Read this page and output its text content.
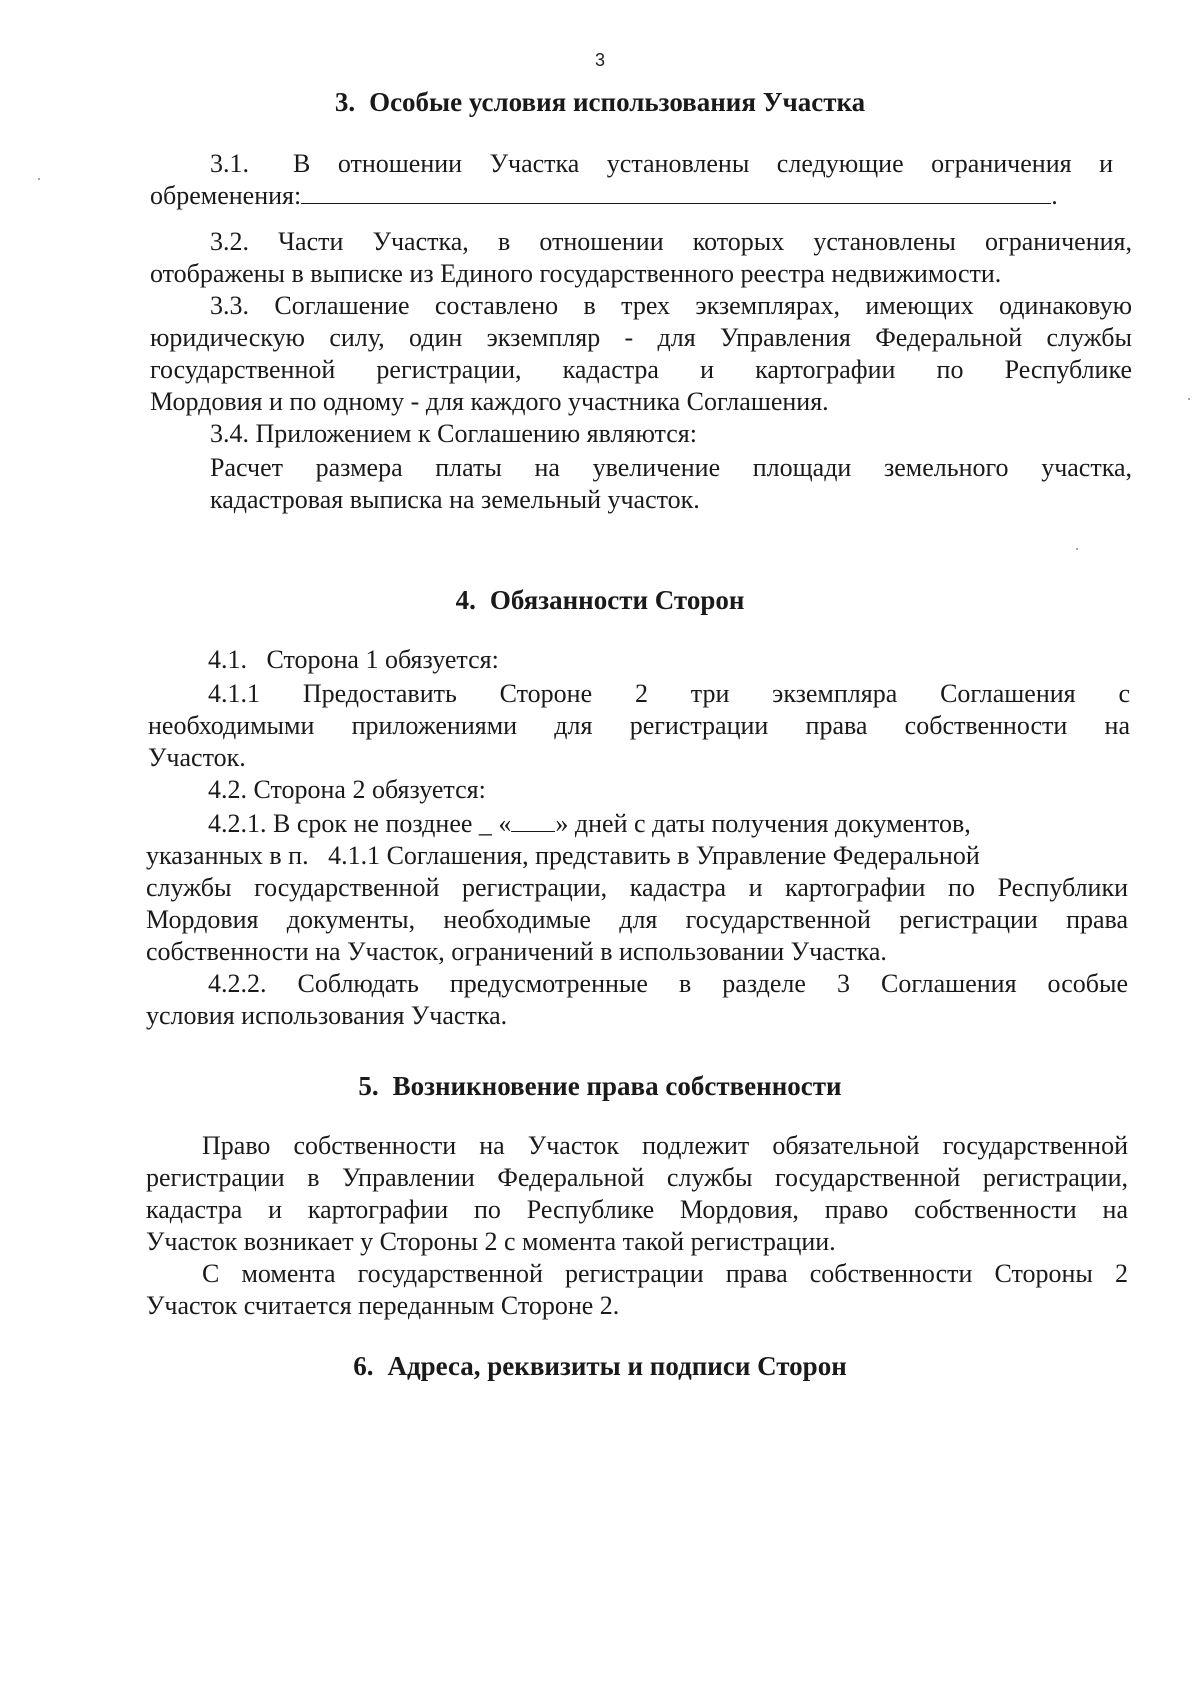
3
3. Особые условия использования Участка
3.1. В отношении Участка установлены следующие ограничения и
обременения:	.
3.2. Части Участка, в отношении которых установлены ограничения,
отображены в выписке из Единого государственного реестра недвижимости.
3.3. Соглашение составлено в трех экземплярах, имеющих одинаковую
юридическую силу, один экземпляр - для Управления Федеральной службы
государственной регистрации, кадастра и картографии по Республике
Мордовия и по одному - для каждого участника Соглашения.
3.4. Приложением к Соглашению являются:
Расчет размера платы на увеличение площади земельного участка,
кадастровая выписка на земельный участок.
4. Обязанности Сторон
4.1.   Сторона 1 обязуется:
4.1.1 Предоставить Стороне 2 три экземпляра Соглашения с
необходимыми приложениями для регистрации права собственности на
Участок.
4.2. Сторона 2 обязуется:
4.2.1. В срок не позднее _ « » дней с даты получения документов,
указанных в п.   4.1.1 Соглашения, представить в Управление Федеральной
службы государственной регистрации, кадастра и картографии по Республики
Мордовия документы, необходимые для государственной регистрации права
собственности на Участок, ограничений в использовании Участка.
4.2.2. Соблюдать предусмотренные в разделе 3 Соглашения особые
условия использования Участка.
5. Возникновение права собственности
Право собственности на Участок подлежит обязательной государственной
регистрации в Управлении Федеральной службы государственной регистрации,
кадастра и картографии по Республике Мордовия, право собственности на
Участок возникает у Стороны 2 с момента такой регистрации.
С момента государственной регистрации права собственности Стороны 2
Участок считается переданным Стороне 2.
6. Адреса, реквизиты и подписи Сторон
